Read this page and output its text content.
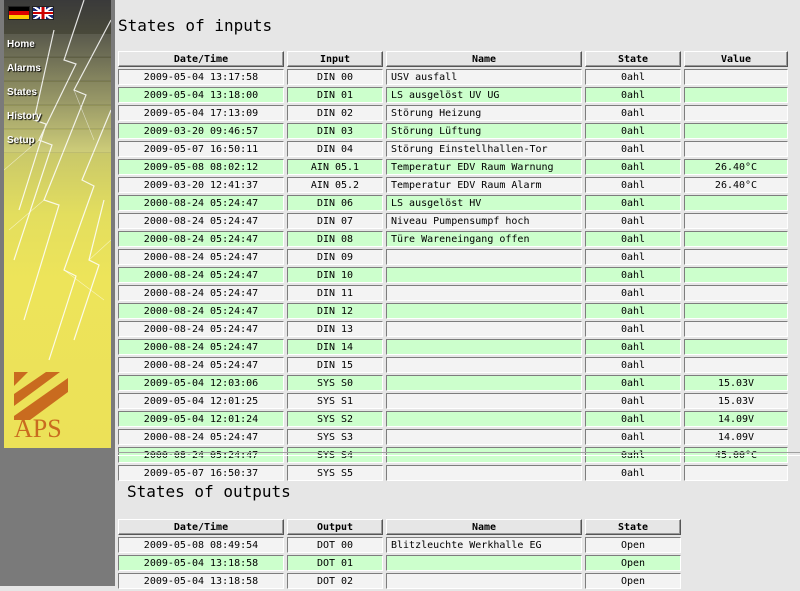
Home
Alarms
States
History
Setup
APS
States of inputs
Date/Time	Input	Name	State	Value
2009-05-04 13:17:58	DIN 00	USV ausfall	0ahl	
2009-05-04 13:18:00	DIN 01	LS ausgelöst UV UG	0ahl	
2009-05-04 17:13:09	DIN 02	Störung Heizung	0ahl	
2009-03-20 09:46:57	DIN 03	Störung Lüftung	0ahl	
2009-05-07 16:50:11	DIN 04	Störung Einstellhallen-Tor	0ahl	
2009-05-08 08:02:12	AIN 05.1	Temperatur EDV Raum Warnung	0ahl	26.40°C
2009-03-20 12:41:37	AIN 05.2	Temperatur EDV Raum Alarm	0ahl	26.40°C
2000-08-24 05:24:47	DIN 06	LS ausgelöst HV	0ahl	
2000-08-24 05:24:47	DIN 07	Niveau Pumpensumpf hoch	0ahl	
2000-08-24 05:24:47	DIN 08	Türe Wareneingang offen	0ahl	
2000-08-24 05:24:47	DIN 09		0ahl	
2000-08-24 05:24:47	DIN 10		0ahl	
2000-08-24 05:24:47	DIN 11		0ahl	
2000-08-24 05:24:47	DIN 12		0ahl	
2000-08-24 05:24:47	DIN 13		0ahl	
2000-08-24 05:24:47	DIN 14		0ahl	
2000-08-24 05:24:47	DIN 15		0ahl	
2009-05-04 12:03:06	SYS S0		0ahl	15.03V
2009-05-04 12:01:25	SYS S1		0ahl	15.03V
2009-05-04 12:01:24	SYS S2		0ahl	14.09V
2000-08-24 05:24:47	SYS S3		0ahl	14.09V
2000-08-24 05:24:47	SYS S4		0ahl	45.00°C
2009-05-07 16:50:37	SYS S5		0ahl	
States of outputs
Date/Time	Output	Name	State
2009-05-08 08:49:54	DOT 00	Blitzleuchte Werkhalle EG	Open
2009-05-04 13:18:58	DOT 01		Open
2009-05-04 13:18:58	DOT 02		Open
